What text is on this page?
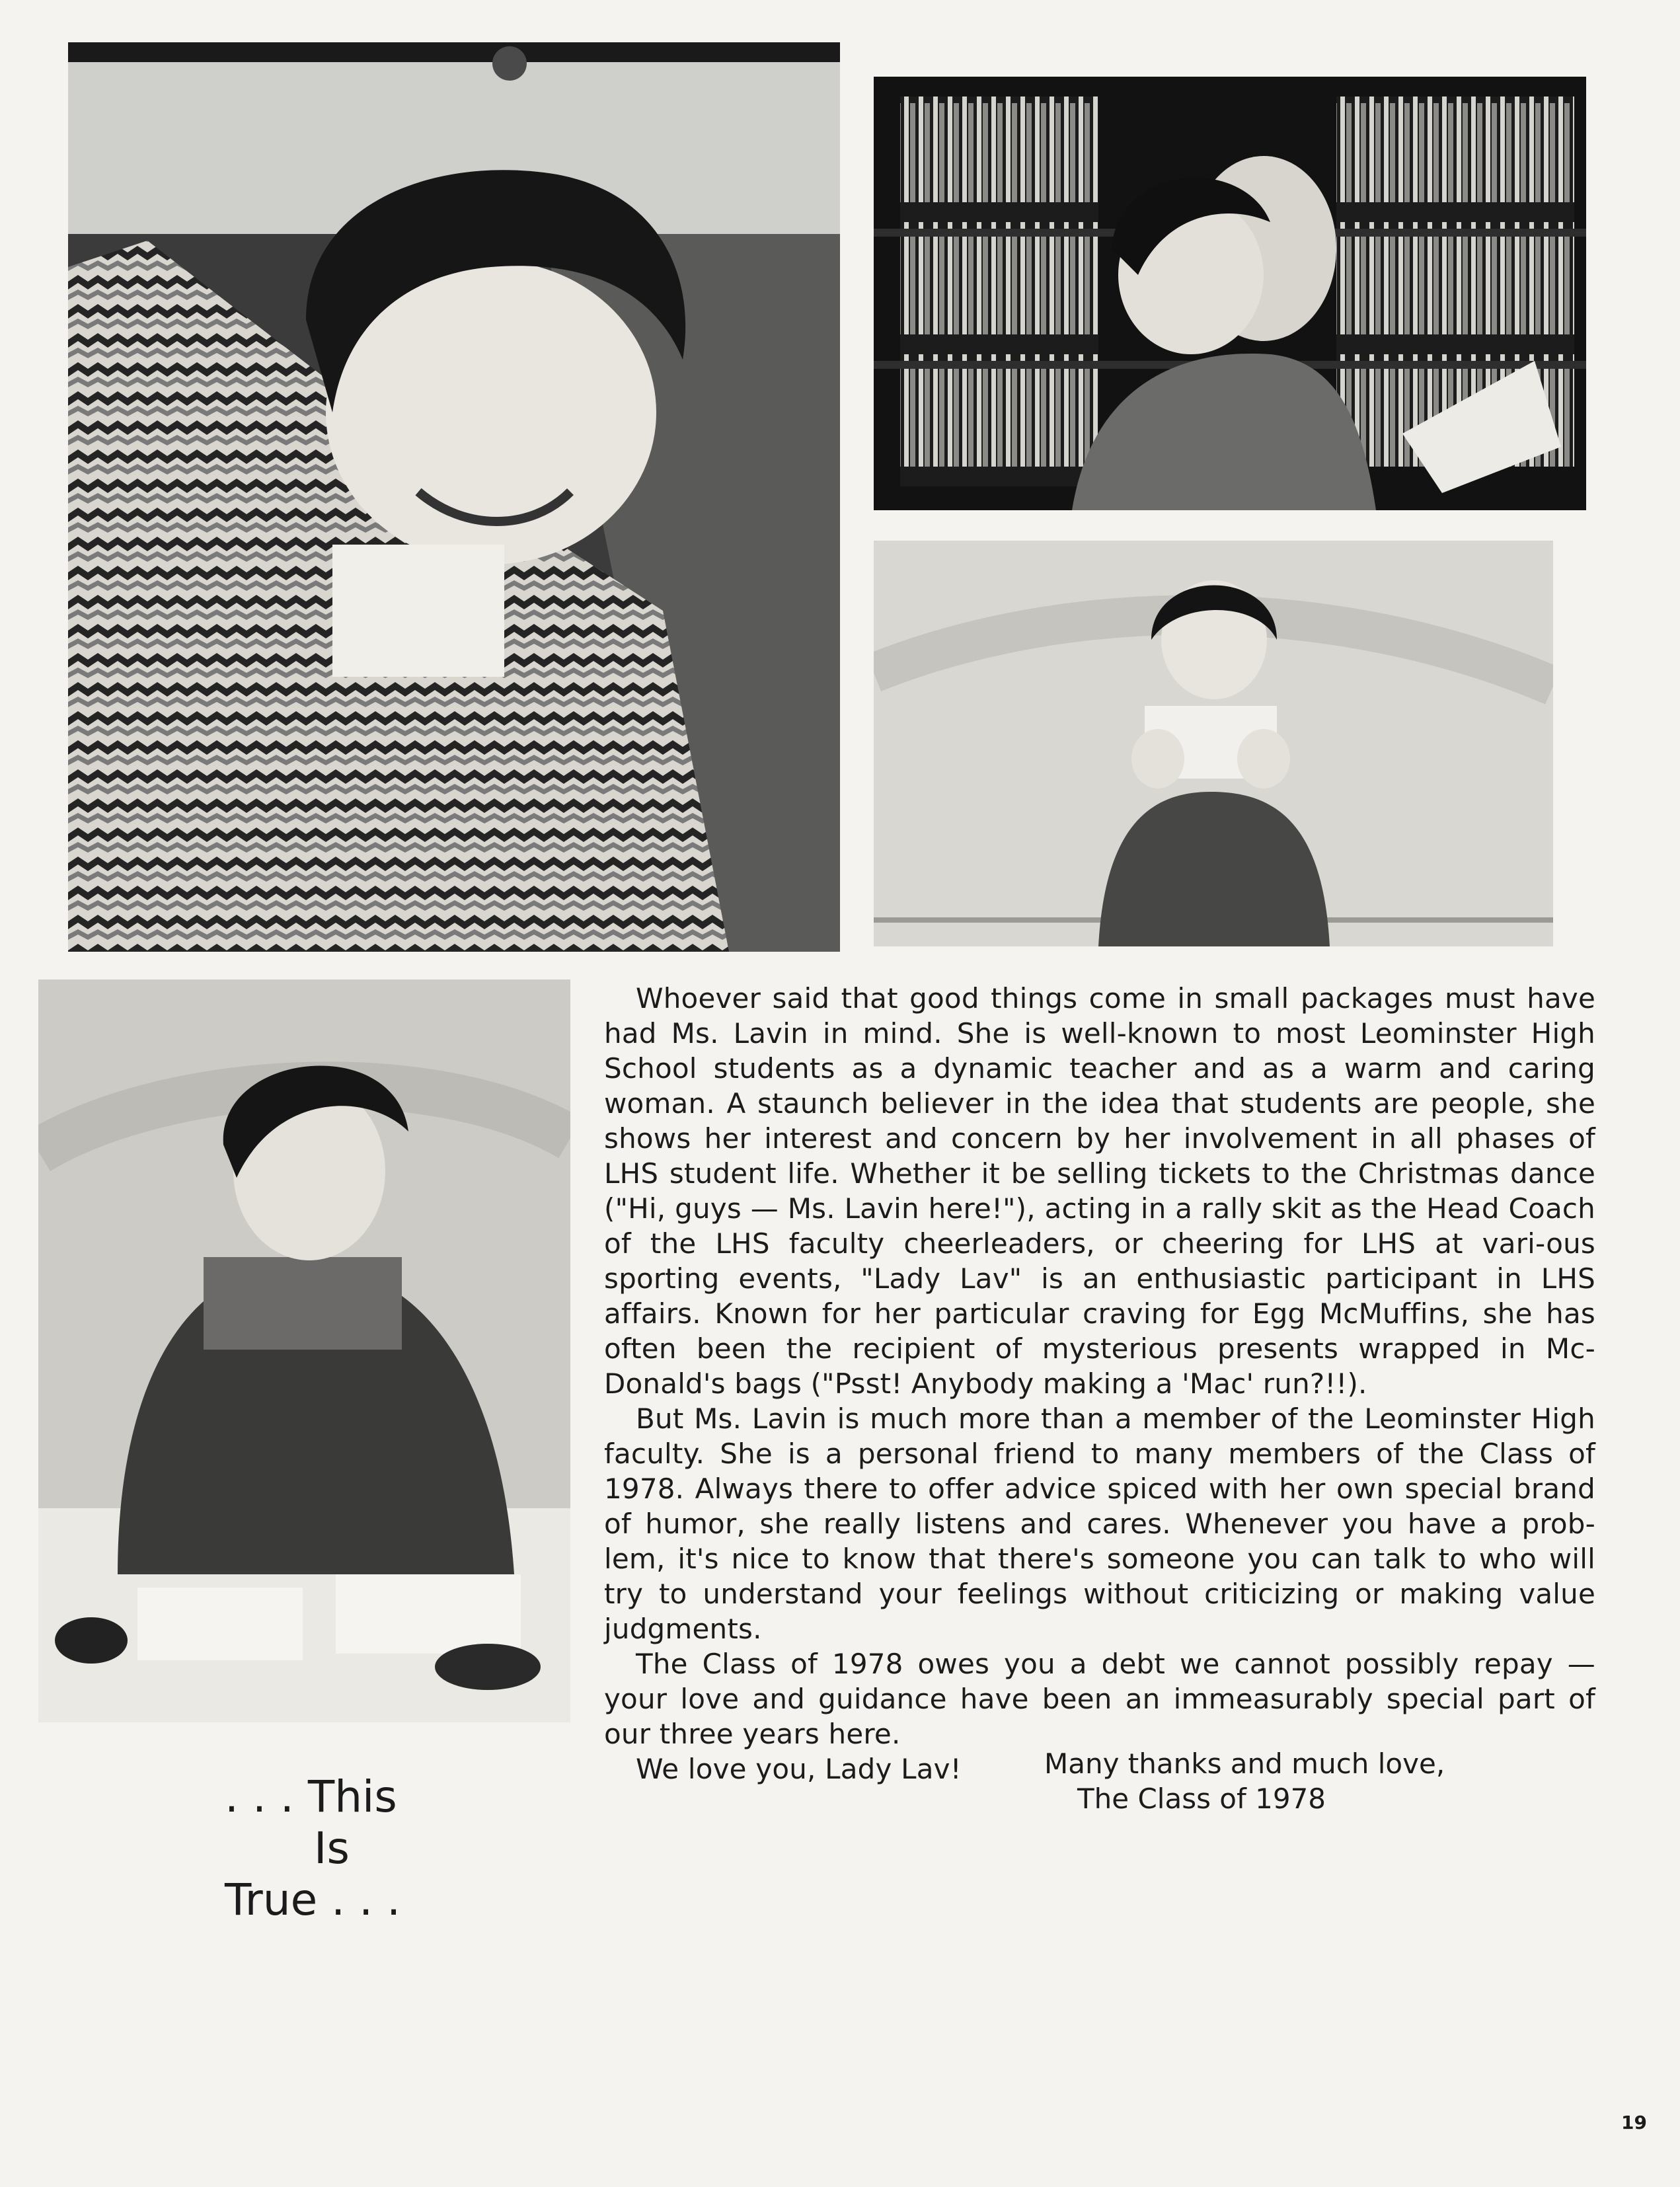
Whoever said that good things come in small packages must have had Ms. Lavin in mind. She is well-known to most Leominster High School students as a dynamic teacher and as a warm and caring woman. A staunch believer in the idea that students are people, she shows her interest and concern by her involvement in all phases of LHS student life. Whether it be selling tickets to the Christmas dance ("Hi, guys — Ms. Lavin here!"), acting in a rally skit as the Head Coach of the LHS faculty cheerleaders, or cheering for LHS at vari-ous sporting events, "Lady Lav" is an enthusiastic participant in LHS affairs. Known for her particular craving for Egg McMuffins, she has often been the recipient of mysterious presents wrapped in Mc-Donald's bags ("Psst! Anybody making a 'Mac' run?!!).

But Ms. Lavin is much more than a member of the Leominster High faculty. She is a personal friend to many members of the Class of 1978. Always there to offer advice spiced with her own special brand of humor, she really listens and cares. Whenever you have a prob-lem, it's nice to know that there's someone you can talk to who will try to understand your feelings without criticizing or making value judgments.

The Class of 1978 owes you a debt we cannot possibly repay — your love and guidance have been an immeasurably special part of our three years here.

We love you, Lady Lav!	Many thanks and much love,
The Class of 1978
. . . This
Is
True . . .
19
